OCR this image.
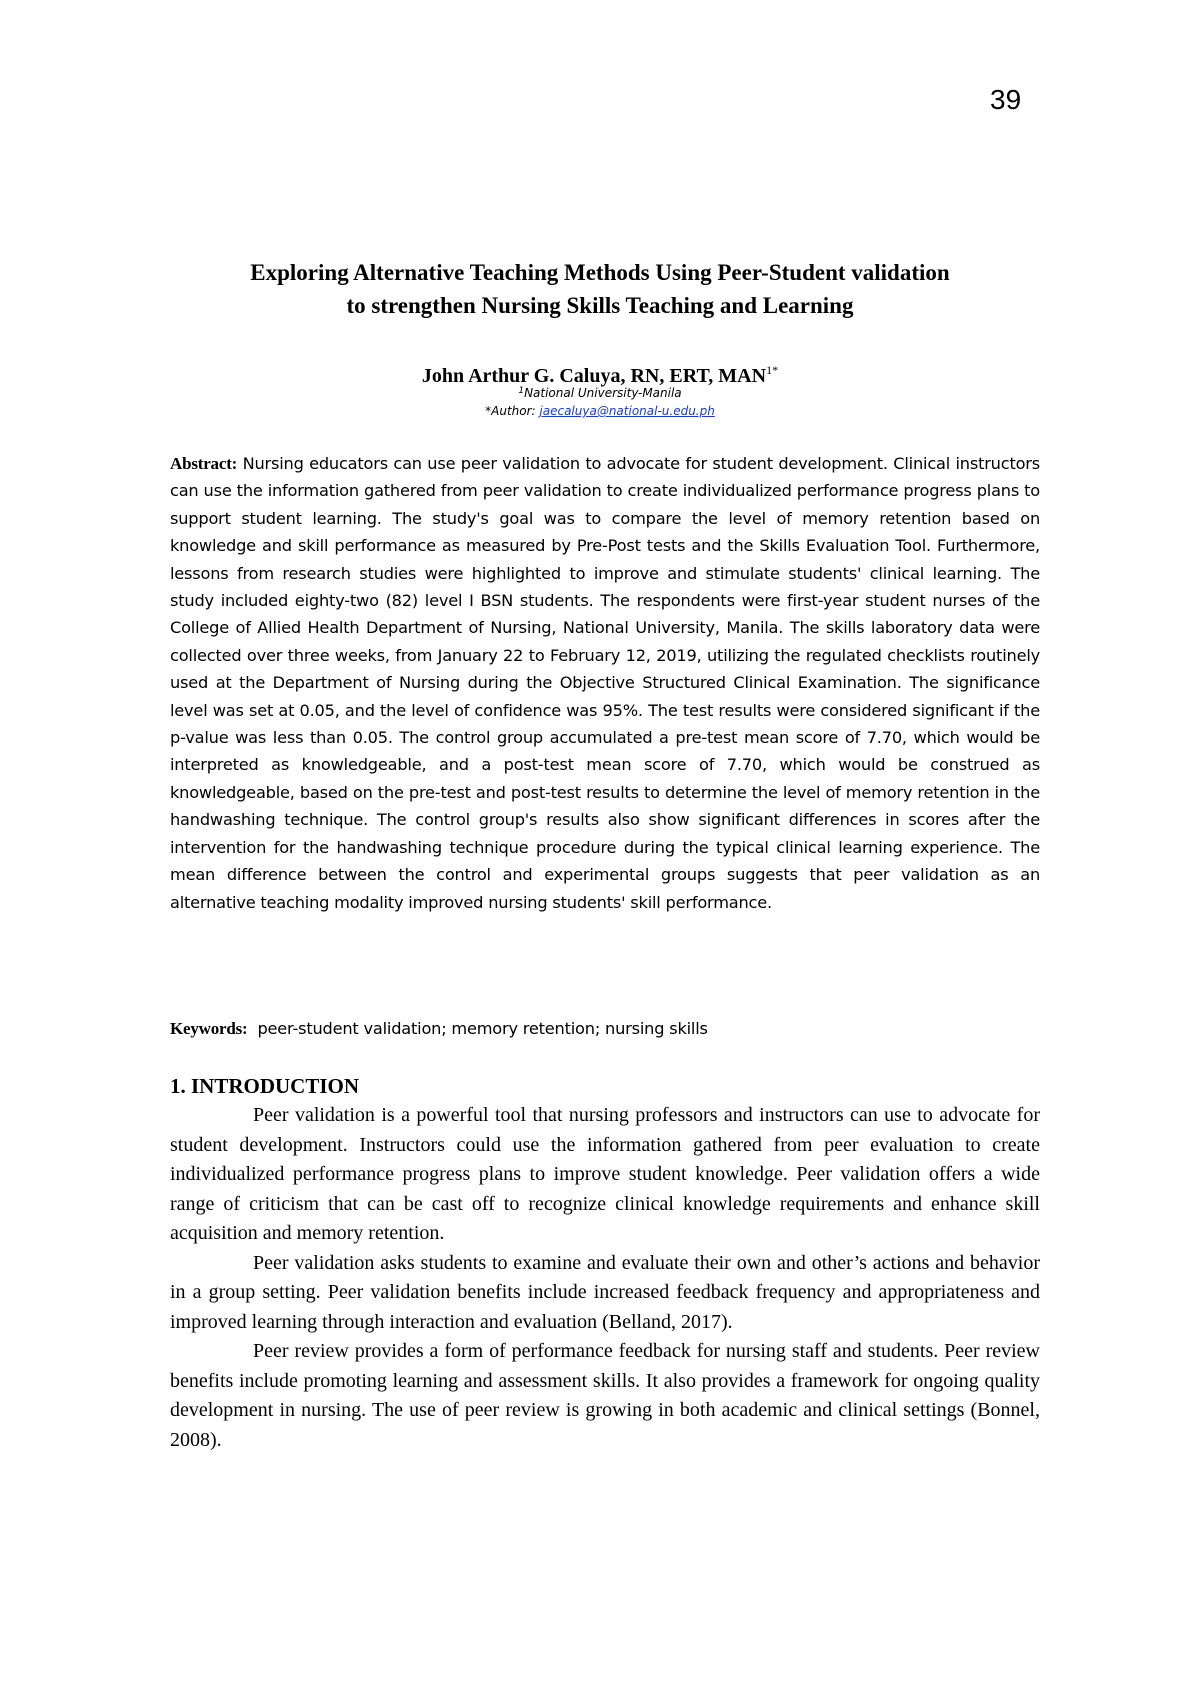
39
Exploring Alternative Teaching Methods Using Peer-Student validation
to strengthen Nursing Skills Teaching and Learning
John Arthur G. Caluya, RN, ERT, $MAN^{1*}$
$^1$National University-Manila
*Author: jaecaluya@national-u.edu.ph
Abstract: Nursing educators can use peer validation to advocate for student development. Clinical instructors can use the information gathered from peer validation to create individualized performance progress plans to support student learning. The study's goal was to compare the level of memory retention based on knowledge and skill performance as measured by Pre-Post tests and the Skills Evaluation Tool. Furthermore, lessons from research studies were highlighted to improve and stimulate students' clinical learning. The study included eighty-two (82) level I BSN students. The respondents were first-year student nurses of the College of Allied Health Department of Nursing, National University, Manila. The skills laboratory data were collected over three weeks, from January 22 to February 12, 2019, utilizing the regulated checklists routinely used at the Department of Nursing during the Objective Structured Clinical Examination. The significance level was set at 0.05, and the level of confidence was 95%. The test results were considered significant if the p-value was less than 0.05. The control group accumulated a pre-test mean score of 7.70, which would be interpreted as knowledgeable, and a post-test mean score of 7.70, which would be construed as knowledgeable, based on the pre-test and post-test results to determine the level of memory retention in the handwashing technique. The control group's results also show significant differences in scores after the intervention for the handwashing technique procedure during the typical clinical learning experience. The mean difference between the control and experimental groups suggests that peer validation as an alternative teaching modality improved nursing students' skill performance.
Keywords: peer-student validation; memory retention; nursing skills
1. INTRODUCTION

Peer validation is a powerful tool that nursing professors and instructors can use to advocate for student development. Instructors could use the information gathered from peer evaluation to create individualized performance progress plans to improve student knowledge. Peer validation offers a wide range of criticism that can be cast off to recognize clinical knowledge requirements and enhance skill acquisition and memory retention.

Peer validation asks students to examine and evaluate their own and other’s actions and behavior in a group setting. Peer validation benefits include increased feedback frequency and appropriateness and improved learning through interaction and evaluation (Belland, 2017).

Peer review provides a form of performance feedback for nursing staff and students. Peer review benefits include promoting learning and assessment skills. It also provides a framework for ongoing quality development in nursing. The use of peer review is growing in both academic and clinical settings (Bonnel, 2008).
